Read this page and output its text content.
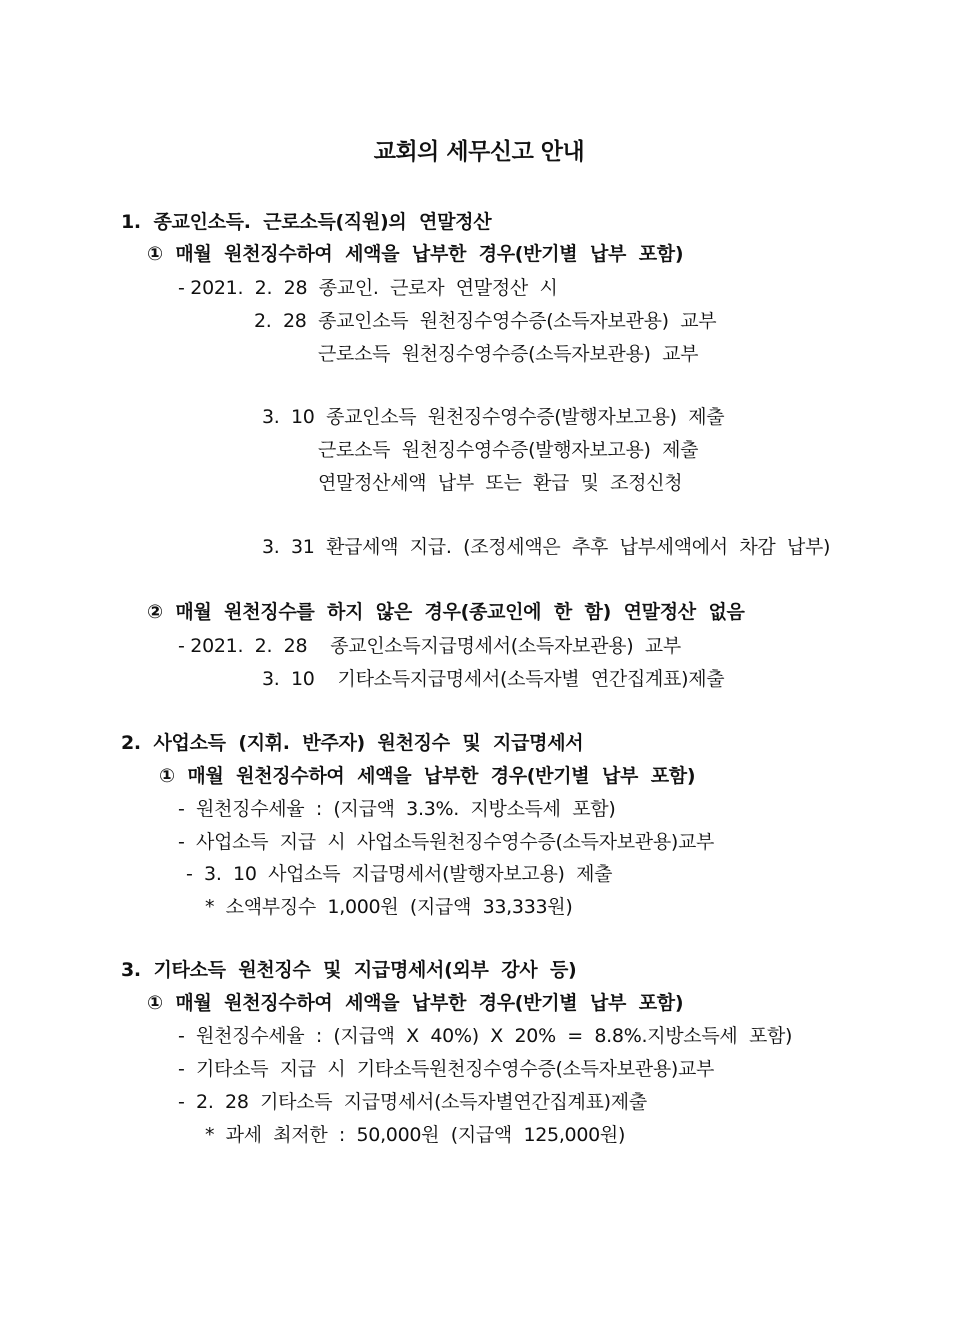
교회의 세무신고 안내
1.  종교인소득.  근로소득(직원)의  연말정산
①  매월  원천징수하여  세액을  납부한  경우(반기별  납부  포함)
- 2021.  2.  28  종교인.  근로자  연말정산  시
2.  28  종교인소득  원천징수영수증(소득자보관용)  교부
근로소득  원천징수영수증(소득자보관용)  교부
3.  10  종교인소득  원천징수영수증(발행자보고용)  제출
근로소득  원천징수영수증(발행자보고용)  제출
연말정산세액  납부  또는  환급  및  조정신청
3.  31  환급세액  지급.  (조정세액은  추후  납부세액에서  차감  납부)
②  매월  원천징수를  하지  않은  경우(종교인에  한  함)  연말정산  없음
- 2021.  2.  28    종교인소득지급명세서(소득자보관용)  교부
3.  10    기타소득지급명세서(소득자별  연간집계표)제출
2.  사업소득  (지휘.  반주자)  원천징수  및  지급명세서
①  매월  원천징수하여  세액을  납부한  경우(반기별  납부  포함)
-  원천징수세율  :  (지급액  3.3%.  지방소득세  포함)
-  사업소득  지급  시  사업소득원천징수영수증(소득자보관용)교부
-  3.  10  사업소득  지급명세서(발행자보고용)  제출
*  소액부징수  1,000원  (지급액  33,333원)
3.  기타소득  원천징수  및  지급명세서(외부  강사  등)
①  매월  원천징수하여  세액을  납부한  경우(반기별  납부  포함)
-  원천징수세율  :  (지급액  X  40%)  X  20%  =  8.8%.지방소득세  포함)
-  기타소득  지급  시  기타소득원천징수영수증(소득자보관용)교부
-  2.  28  기타소득  지급명세서(소득자별연간집계표)제출
*  과세  최저한  :  50,000원  (지급액  125,000원)
